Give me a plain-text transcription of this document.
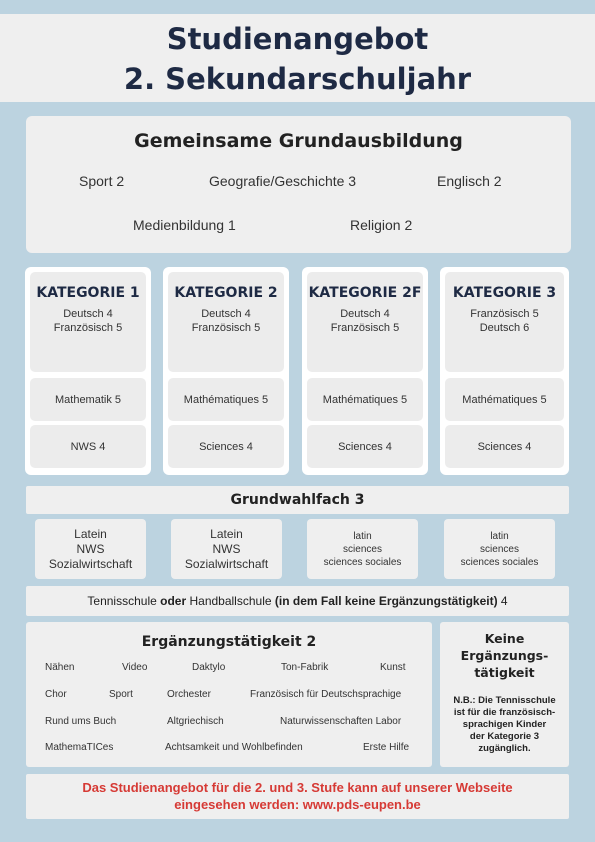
Studienangebot
2. Sekundarschuljahr
Gemeinsame Grundausbildung
Sport 2	Geografie/Geschichte 3	Englisch 2
Medienbildung 1	Religion 2
KATEGORIE 1
Deutsch 4
Französisch 5
Mathematik 5
NWS 4
KATEGORIE 2
Deutsch 4
Französisch 5
Mathématiques 5
Sciences 4
KATEGORIE 2F
Deutsch 4
Französisch 5
Mathématiques 5
Sciences 4
KATEGORIE 3
Französisch 5
Deutsch 6
Mathématiques 5
Sciences 4
Grundwahlfach 3
Latein
NWS
Sozialwirtschaft
Latein
NWS
Sozialwirtschaft
latin
sciences
sciences sociales
latin
sciences
sciences sociales
Tennisschule oder Handballschule (in dem Fall keine Ergänzungstätigkeit) 4
Ergänzungstätigkeit 2
Nähen	Video	Daktylo	Ton-Fabrik	Kunst
Chor	Sport	Orchester	Französisch für Deutschsprachige
Rund ums Buch	Altgriechisch	Naturwissenschaften Labor
MathemaTICes	Achtsamkeit und Wohlbefinden	Erste Hilfe
Keine
Ergänzungs-
tätigkeit
N.B.: Die Tennisschule
ist für die französisch-
sprachigen Kinder
der Kategorie 3
zugänglich.
Das Studienangebot für die 2. und 3. Stufe kann auf unserer Webseite
eingesehen werden: www.pds-eupen.be
